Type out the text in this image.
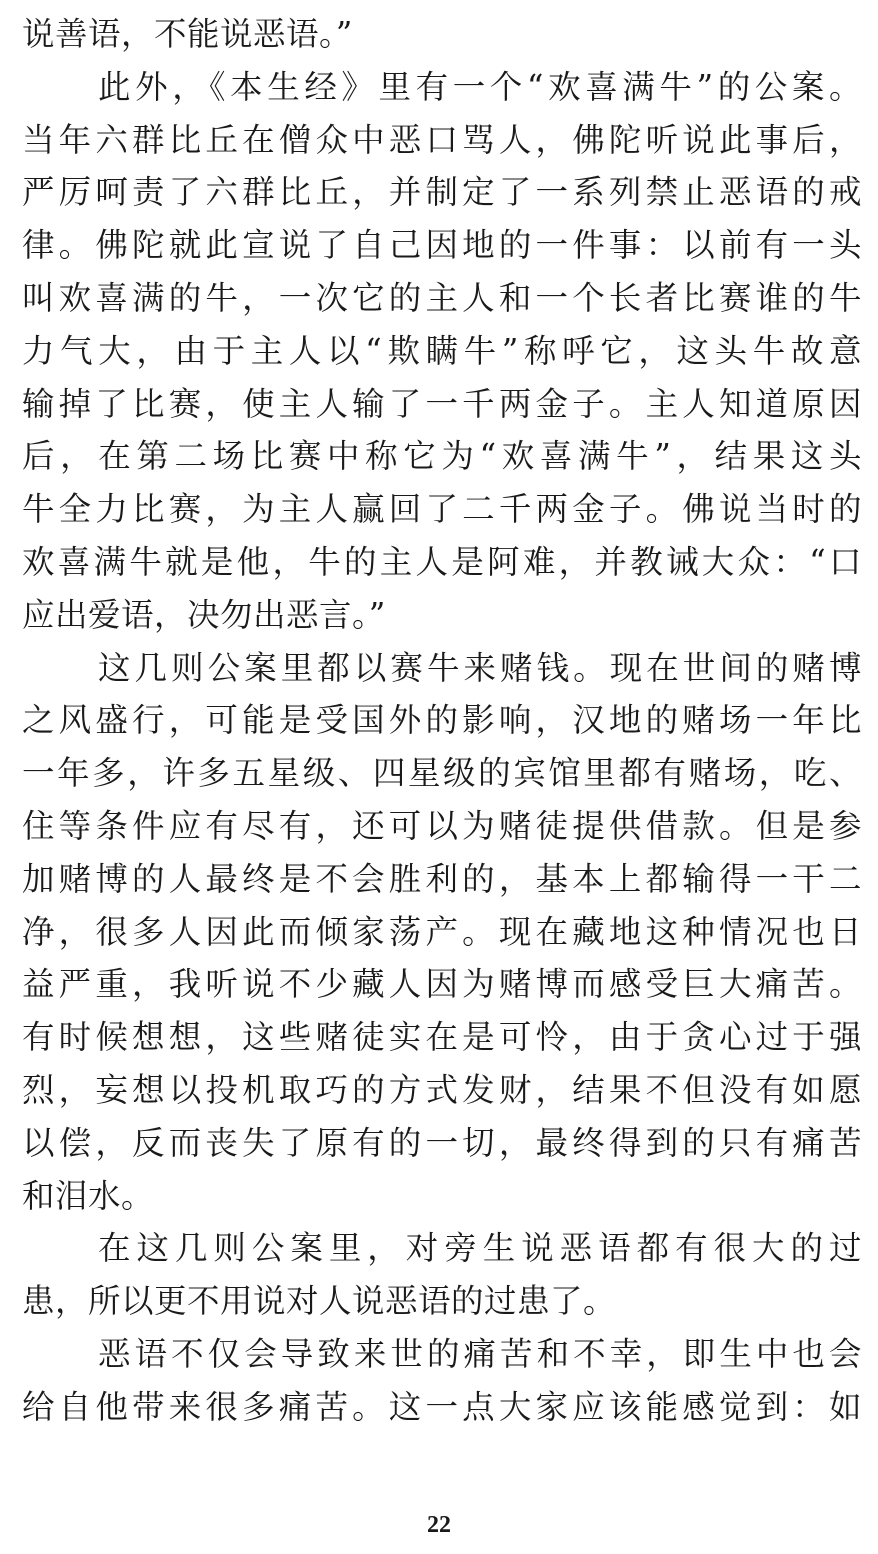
说善语，不能说恶语。”
此外，《本生经》里有一个“欢喜满牛”的公案。
当年六群比丘在僧众中恶口骂人，佛陀听说此事后，
严厉呵责了六群比丘，并制定了一系列禁止恶语的戒
律。佛陀就此宣说了自己因地的一件事：以前有一头
叫欢喜满的牛，一次它的主人和一个长者比赛谁的牛
力气大，由于主人以“欺瞒牛”称呼它，这头牛故意
输掉了比赛，使主人输了一千两金子。主人知道原因
后，在第二场比赛中称它为“欢喜满牛”，结果这头
牛全力比赛，为主人赢回了二千两金子。佛说当时的
欢喜满牛就是他，牛的主人是阿难，并教诫大众：“口
应出爱语，决勿出恶言。”
这几则公案里都以赛牛来赌钱。现在世间的赌博
之风盛行，可能是受国外的影响，汉地的赌场一年比
一年多，许多五星级、四星级的宾馆里都有赌场，吃、
住等条件应有尽有，还可以为赌徒提供借款。但是参
加赌博的人最终是不会胜利的，基本上都输得一干二
净，很多人因此而倾家荡产。现在藏地这种情况也日
益严重，我听说不少藏人因为赌博而感受巨大痛苦。
有时候想想，这些赌徒实在是可怜，由于贪心过于强
烈，妄想以投机取巧的方式发财，结果不但没有如愿
以偿，反而丧失了原有的一切，最终得到的只有痛苦
和泪水。
在这几则公案里，对旁生说恶语都有很大的过
患，所以更不用说对人说恶语的过患了。
恶语不仅会导致来世的痛苦和不幸，即生中也会
给自他带来很多痛苦。这一点大家应该能感觉到：如
22
